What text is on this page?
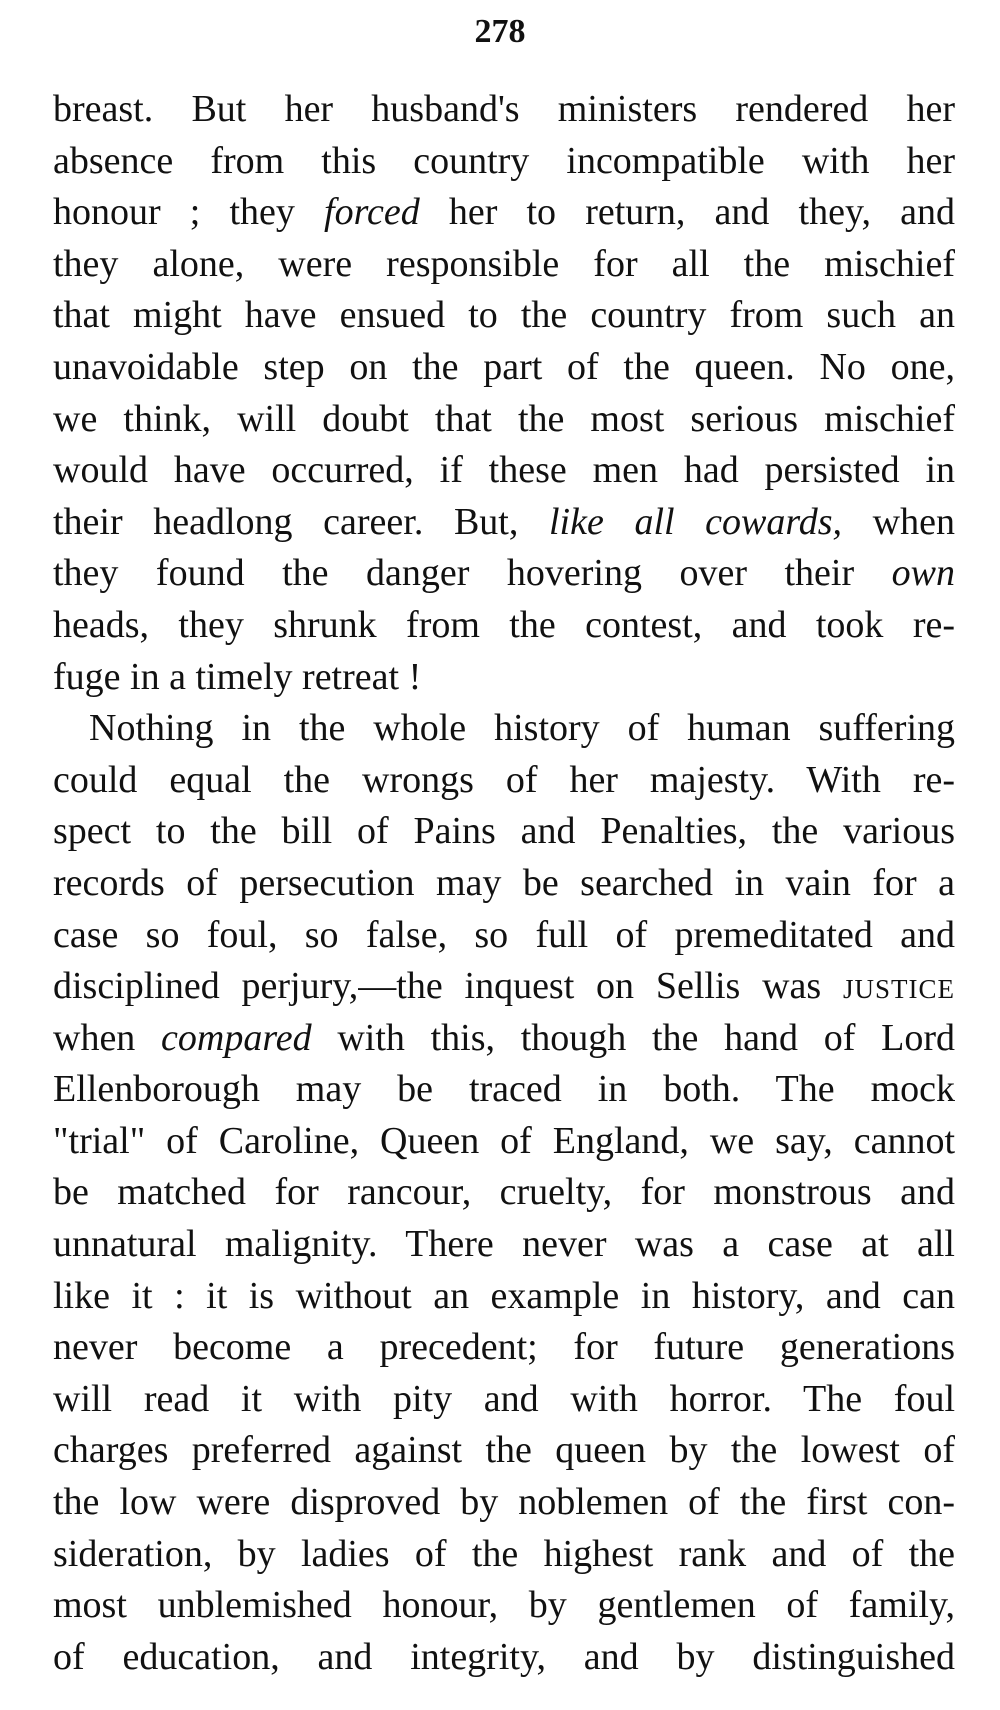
278
breast. But her husband's ministers rendered her
absence from this country incompatible with her
honour ; they forced her to return, and they, and
they alone, were responsible for all the mischief
that might have ensued to the country from such an
unavoidable step on the part of the queen. No one,
we think, will doubt that the most serious mischief
would have occurred, if these men had persisted in
their headlong career. But, like all cowards, when
they found the danger hovering over their own
heads, they shrunk from the contest, and took re-
fuge in a timely retreat !
Nothing in the whole history of human suffering
could equal the wrongs of her majesty. With re-
spect to the bill of Pains and Penalties, the various
records of persecution may be searched in vain for a
case so foul, so false, so full of premeditated and
disciplined perjury,—the inquest on Sellis was justice
when compared with this, though the hand of Lord
Ellenborough may be traced in both. The mock
"trial" of Caroline, Queen of England, we say, cannot
be matched for rancour, cruelty, for monstrous and
unnatural malignity. There never was a case at all
like it : it is without an example in history, and can
never become a precedent; for future generations
will read it with pity and with horror. The foul
charges preferred against the queen by the lowest of
the low were disproved by noblemen of the first con-
sideration, by ladies of the highest rank and of the
most unblemished honour, by gentlemen of family,
of education, and integrity, and by distinguished
